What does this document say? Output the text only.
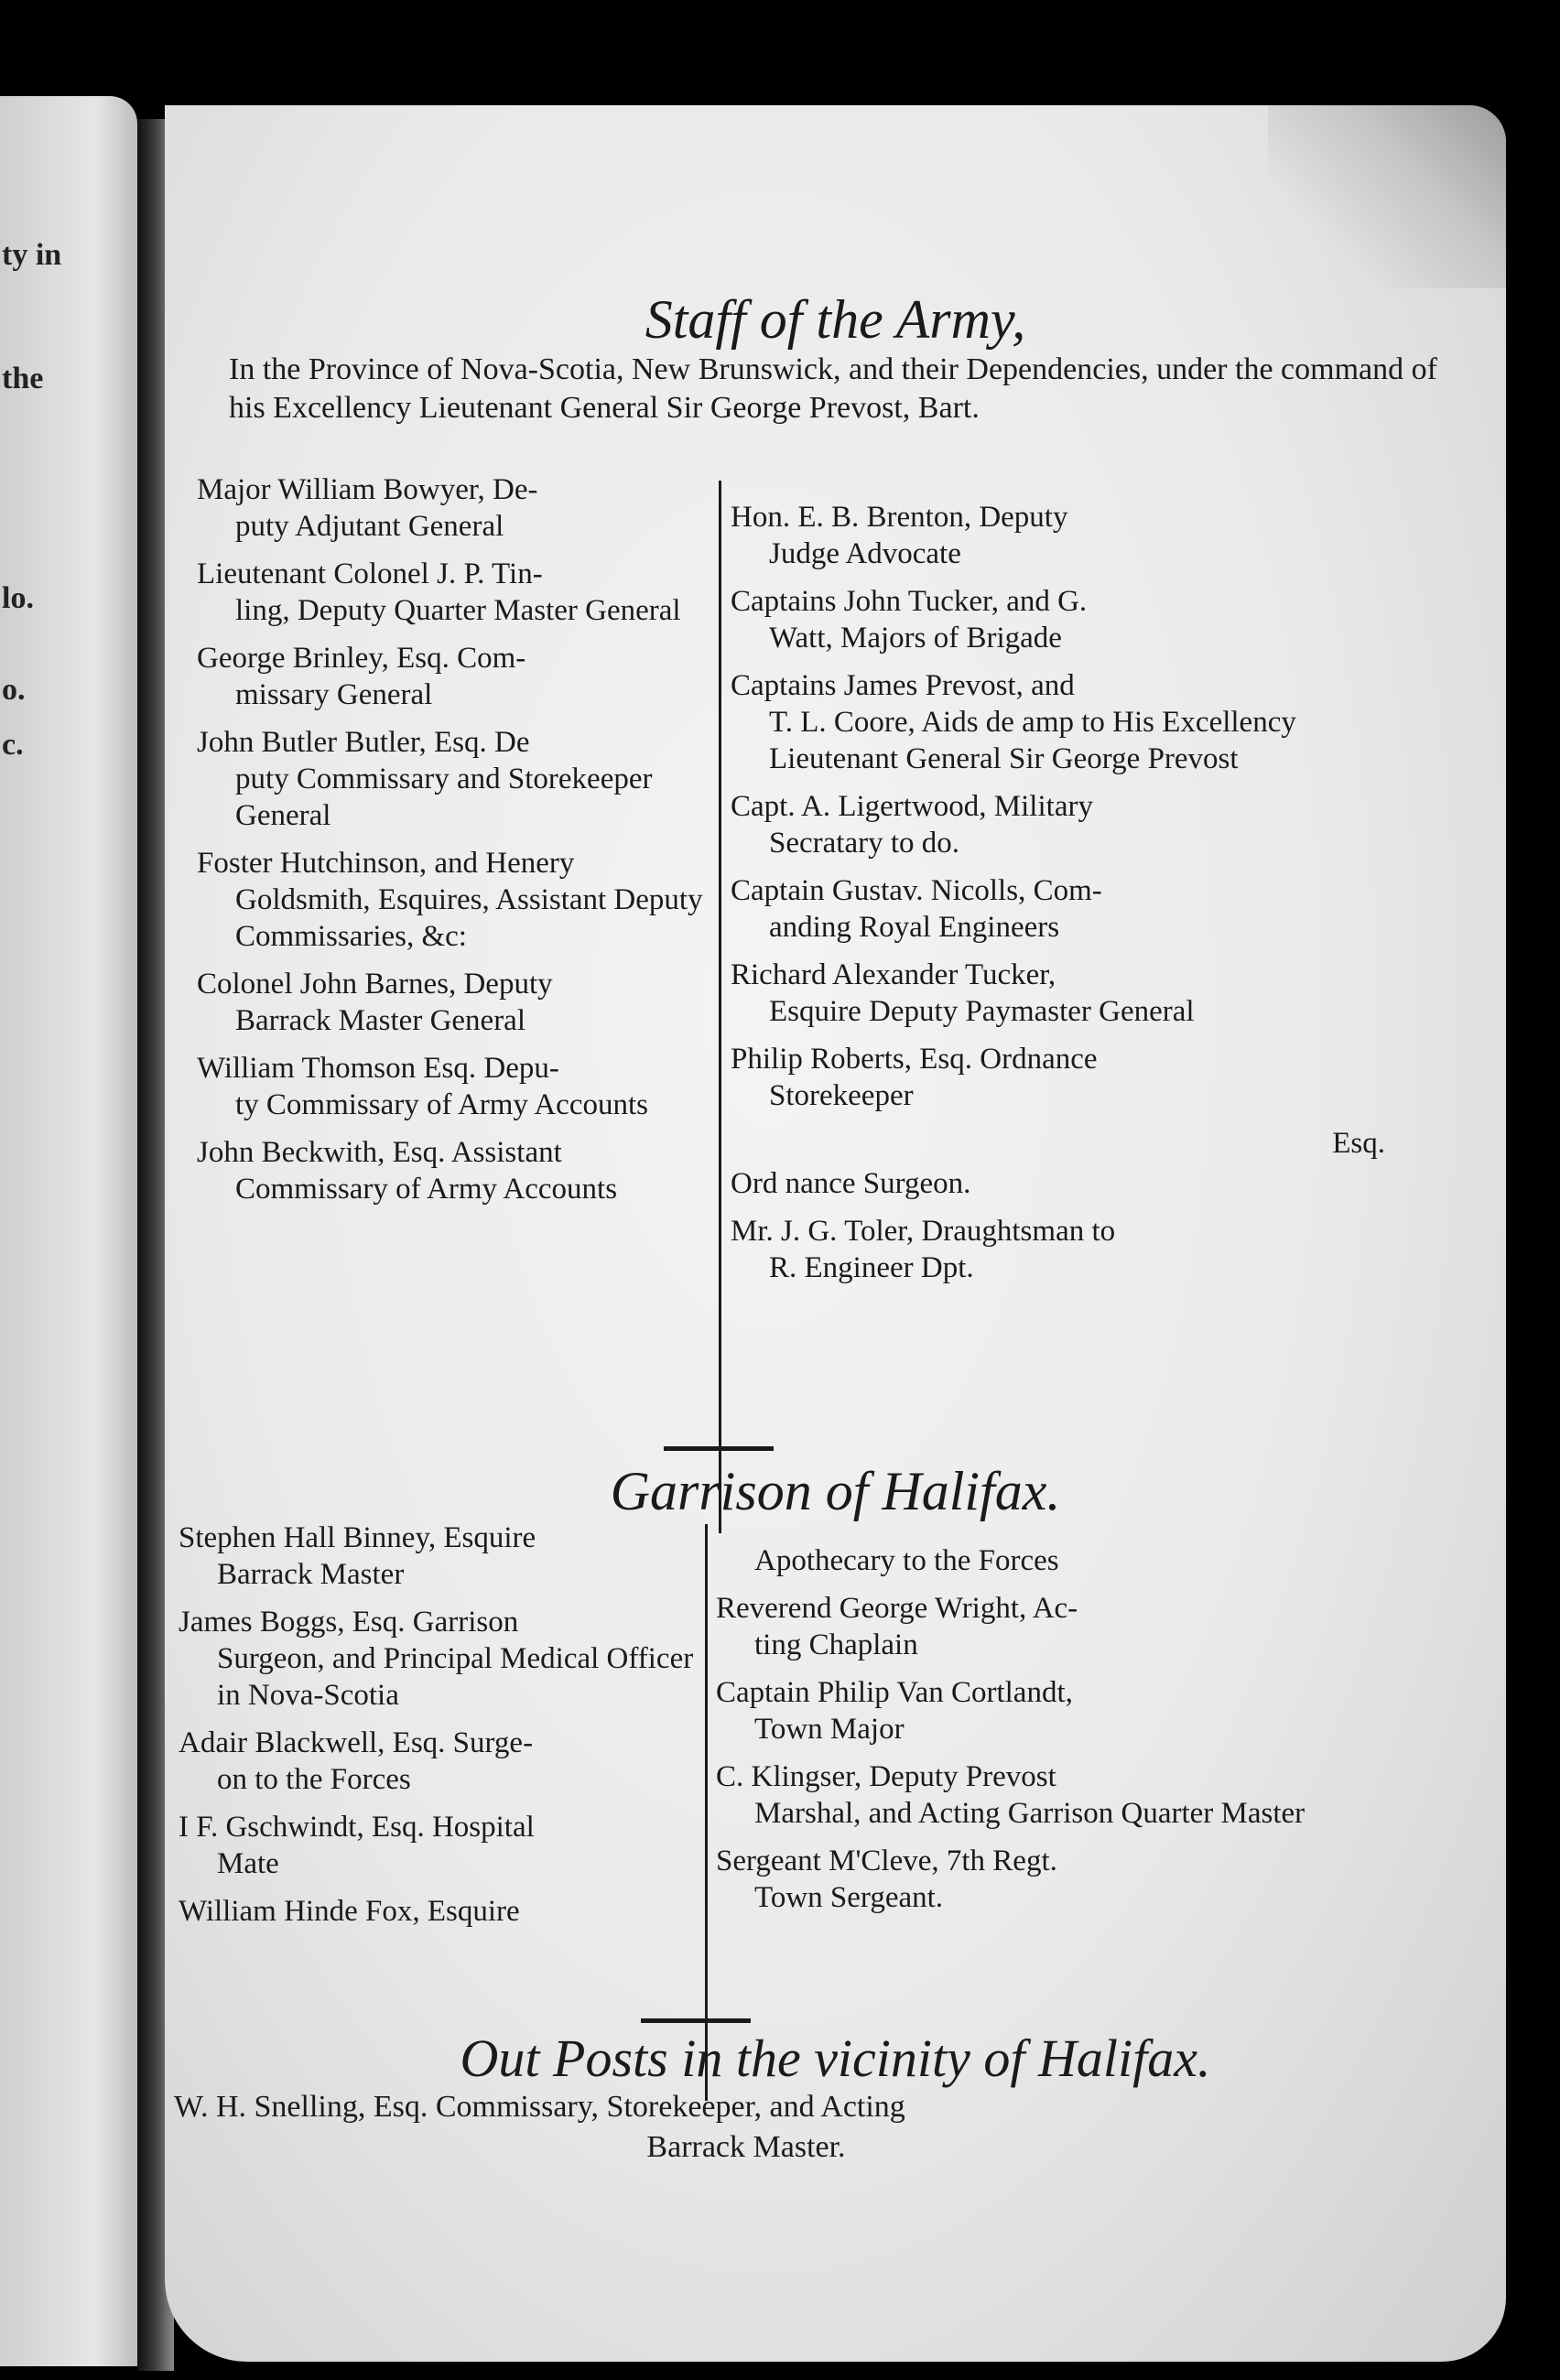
ty in
the
lo.
o.
c.
Staff of the Army,
In the Province of Nova-Scotia, New Brunswick, and their Dependencies, under the command of his Excellency Lieutenant General Sir George Prevost, Bart.
Major William Bowyer, De-
puty Adjutant General
Lieutenant Colonel J. P. Tin-
ling, Deputy Quarter Master General
George Brinley, Esq. Com-
missary General
John Butler Butler, Esq. De
puty Commissary and Storekeeper General
Foster Hutchinson, and Henery
Goldsmith, Esquires, Assistant Deputy Commissaries, &c:
Colonel John Barnes, Deputy
Barrack Master General
William Thomson Esq. Depu-
ty Commissary of Army Accounts
John Beckwith, Esq. Assistant
Commissary of Army Accounts
Hon. E. B. Brenton, Deputy
Judge Advocate
Captains John Tucker, and G.
Watt, Majors of Brigade
Captains James Prevost, and
T. L. Coore, Aids de amp to His Excellency Lieutenant General Sir George Prevost
Capt. A. Ligertwood, Military
Secratary to do.
Captain Gustav. Nicolls, Com-
anding Royal Engineers
Richard Alexander Tucker,
Esquire Deputy Paymaster General
Philip Roberts, Esq. Ordnance
Storekeeper
Esq.
Ord nance Surgeon.
Mr. J. G. Toler, Draughtsman to
R. Engineer Dpt.
Garrison of Halifax.
Stephen Hall Binney, Esquire
Barrack Master
James Boggs, Esq. Garrison
Surgeon, and Principal Medical Officer in Nova-Scotia
Adair Blackwell, Esq. Surge-
on to the Forces
I F. Gschwindt, Esq. Hospital
Mate
William Hinde Fox, Esquire
Apothecary to the Forces
Reverend George Wright, Ac-
ting Chaplain
Captain Philip Van Cortlandt,
Town Major
C. Klingser, Deputy Prevost
Marshal, and Acting Garrison Quarter Master
Sergeant M'Cleve, 7th Regt.
Town Sergeant.
Out Posts in the vicinity of Halifax.
W. H. Snelling, Esq. Commissary, Storekeeper, and Acting
Barrack Master.
